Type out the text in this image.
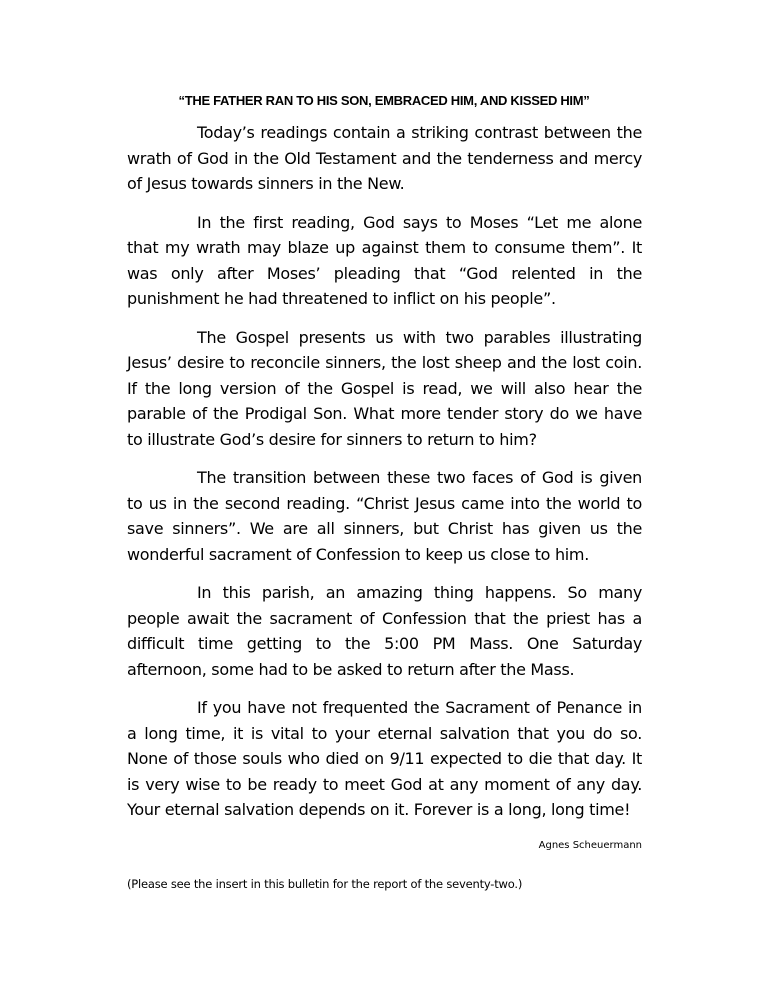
“THE FATHER RAN TO HIS SON, EMBRACED HIM, AND KISSED HIM”

Today’s readings contain a striking contrast between the wrath of God in the Old Testament and the tenderness and mercy of Jesus towards sinners in the New.

In the first reading, God says to Moses “Let me alone that my wrath may blaze up against them to consume them”. It was only after Moses’ pleading that “God relented in the punishment he had threatened to inflict on his people”.

The Gospel presents us with two parables illustrating Jesus’ desire to reconcile sinners, the lost sheep and the lost coin. If the long version of the Gospel is read, we will also hear the parable of the Prodigal Son. What more tender story do we have to illustrate God’s desire for sinners to return to him?

The transition between these two faces of God is given to us in the second reading. “Christ Jesus came into the world to save sinners”. We are all sinners, but Christ has given us the wonderful sacrament of Confession to keep us close to him.

In this parish, an amazing thing happens. So many people await the sacrament of Confession that the priest has a difficult time getting to the 5:00 PM Mass. One Saturday afternoon, some had to be asked to return after the Mass.

If you have not frequented the Sacrament of Penance in a long time, it is vital to your eternal salvation that you do so. None of those souls who died on 9/11 expected to die that day. It is very wise to be ready to meet God at any moment of any day. Your eternal salvation depends on it. Forever is a long, long time!

Agnes Scheuermann
(Please see the insert in this bulletin for the report of the seventy-two.)
